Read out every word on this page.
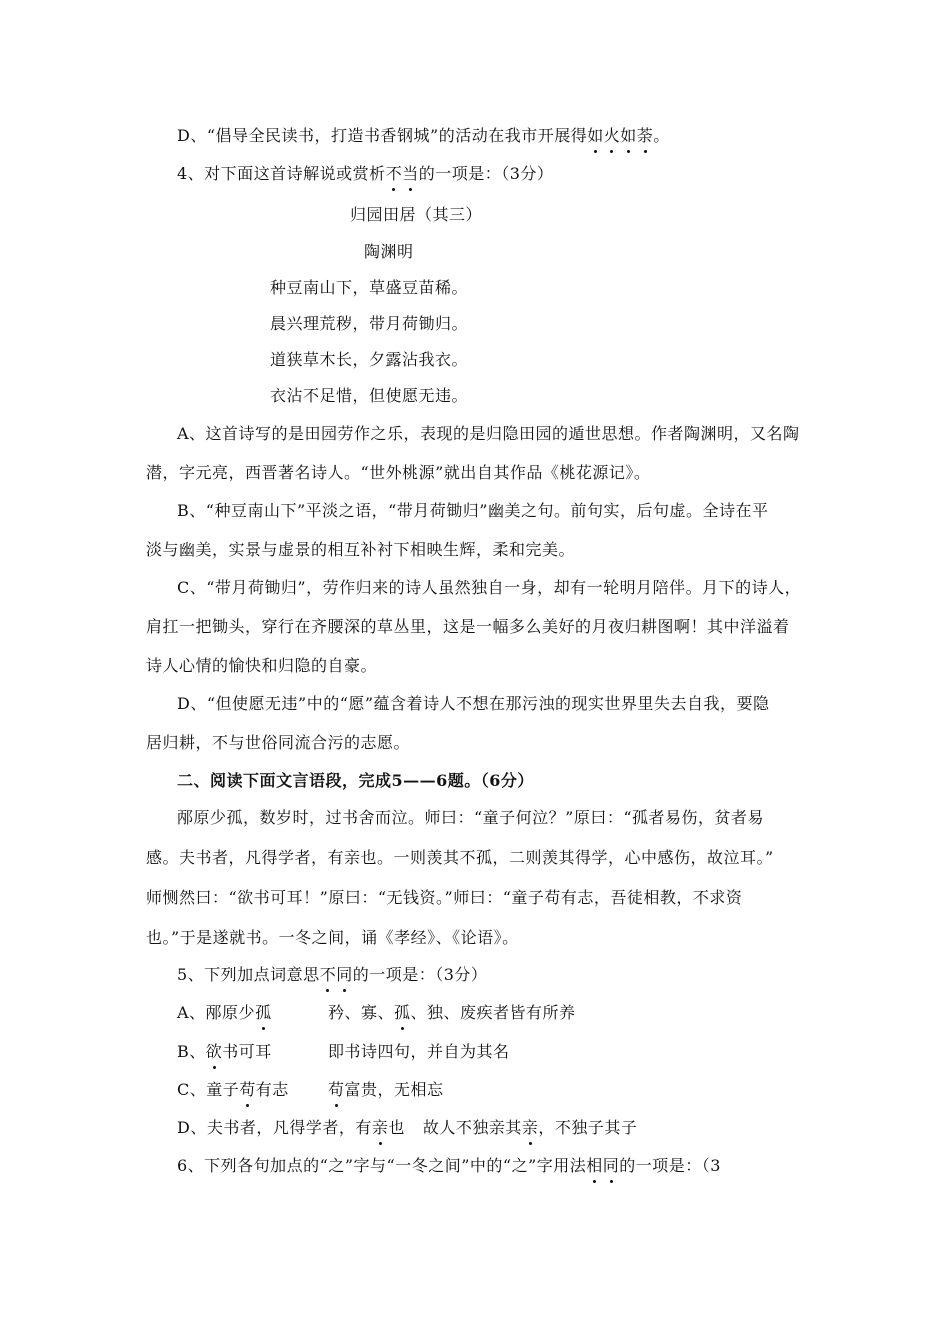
D、“倡导全民读书，打造书香钢城”的活动在我市开展得如火如荼。
4、对下面这首诗解说或赏析不当的一项是：（3分）
归园田居（其三）
陶渊明
种豆南山下，草盛豆苗稀。
晨兴理荒秽，带月荷锄归。
道狭草木长，夕露沾我衣。
衣沾不足惜，但使愿无违。
A、这首诗写的是田园劳作之乐，表现的是归隐田园的遁世思想。作者陶渊明，又名陶
潜，字元亮，西晋著名诗人。“世外桃源”就出自其作品《桃花源记》。
B、“种豆南山下”平淡之语，“带月荷锄归”幽美之句。前句实，后句虚。全诗在平
淡与幽美，实景与虚景的相互补衬下相映生辉，柔和完美。
C、“带月荷锄归”，劳作归来的诗人虽然独自一身，却有一轮明月陪伴。月下的诗人，
肩扛一把锄头，穿行在齐腰深的草丛里，这是一幅多么美好的月夜归耕图啊！其中洋溢着
诗人心情的愉快和归隐的自豪。
D、“但使愿无违”中的“愿”蕴含着诗人不想在那污浊的现实世界里失去自我，要隐
居归耕，不与世俗同流合污的志愿。
二、阅读下面文言语段，完成5——6题。（6分）
邴原少孤，数岁时，过书舍而泣。师曰：“童子何泣？”原曰：“孤者易伤，贫者易
感。夫书者，凡得学者，有亲也。一则羡其不孤，二则羡其得学，心中感伤，故泣耳。”
师恻然曰：“欲书可耳！”原曰：“无钱资。”师曰：“童子苟有志，吾徒相教，不求资
也。”于是遂就书。一冬之间，诵《孝经》、《论语》。
5、下列加点词意思不同的一项是：（3分）
A、邴原少孤	矜、寡、孤、独、废疾者皆有所养
B、欲书可耳	即书诗四句，并自为其名
C、童子苟有志 苟富贵，无相忘
D、夫书者，凡得学者，有亲也 故人不独亲其亲，不独子其子
6、下列各句加点的“之”字与“一冬之间”中的“之”字用法相同的一项是：（3
